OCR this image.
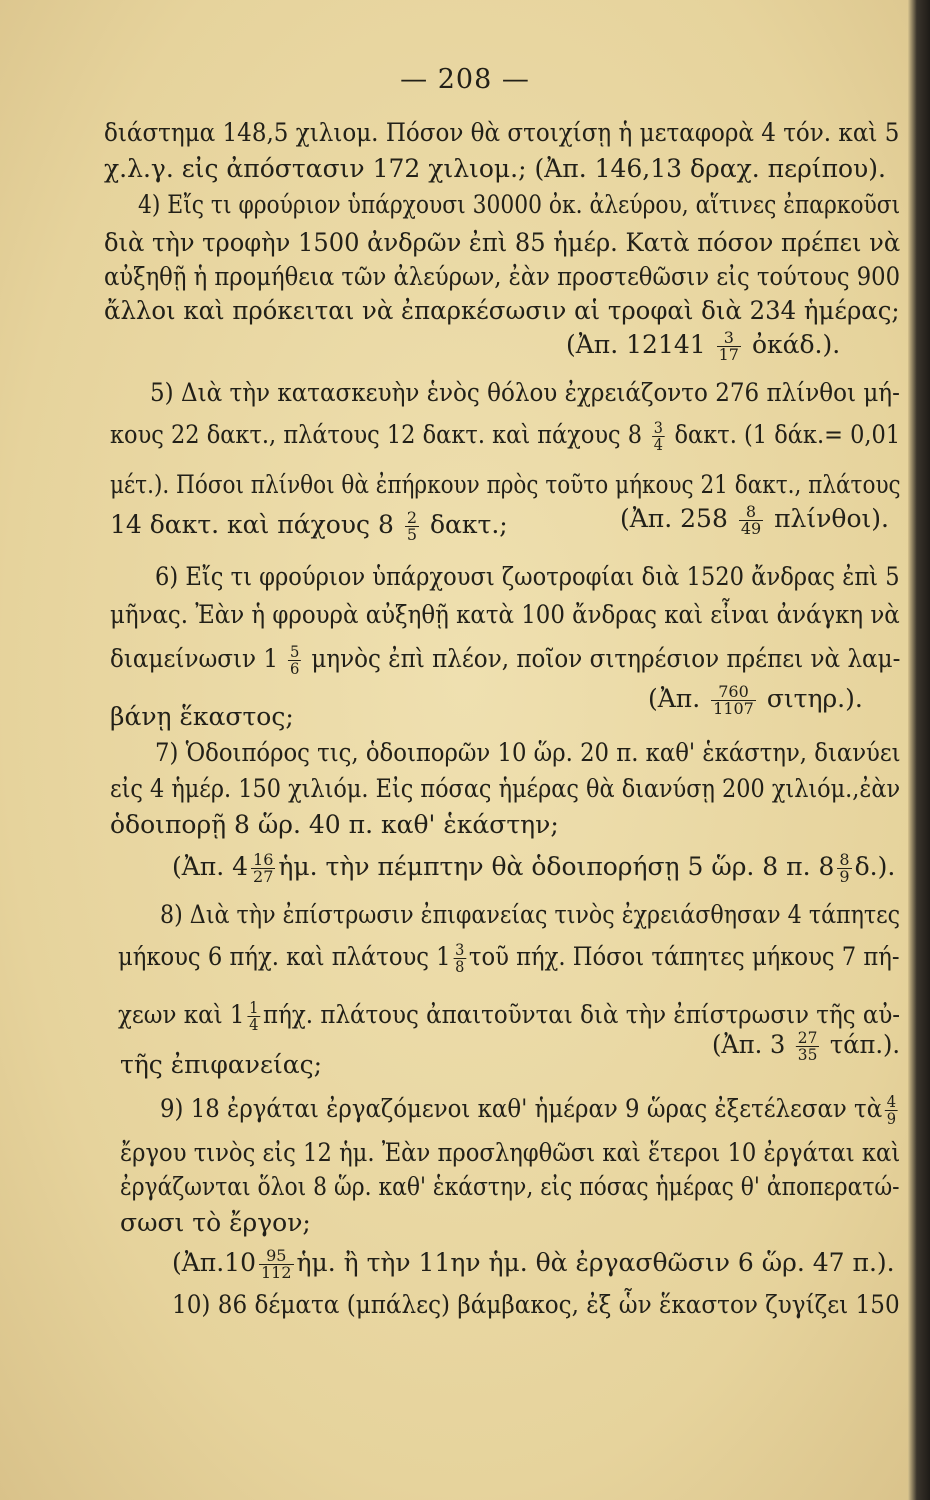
— 208 —
διάστημα 148,5 χιλιομ. Πόσον θὰ στοιχίσῃ ἡ μεταφορὰ 4 τόν. καὶ 5
χ.λ.γ. εἰς ἀπόστασιν 172 χιλιομ.; (Ἀπ. 146,13 δραχ. περίπου).
4) Εἴς τι φρούριον ὑπάρχουσι 30000 ὀκ. ἀλεύρου, αἵτινες ἐπαρκοῦσι
διὰ τὴν τροφὴν 1500 ἀνδρῶν ἐπὶ 85 ἡμέρ. Κατὰ πόσον πρέπει νὰ
αὐξηθῇ ἡ προμήθεια τῶν ἀλεύρων, ἐὰν προστεθῶσιν εἰς τούτους 900
ἄλλοι καὶ πρόκειται νὰ ἐπαρκέσωσιν αἱ τροφαὶ διὰ 234 ἡμέρας;
(Ἀπ. $12141 \frac{3}{17}$ ὀκάδ.).
5) Διὰ τὴν κατασκευὴν ἑνὸς θόλου ἐχρειάζοντο 276 πλίνθοι μή-
κους 22 δακτ., πλάτους 12 δακτ. καὶ πάχους $8 \frac{3}{4} \delta\alpha\kappa\tau$. (1 δάκ.= 0,01
μέτ.). Πόσοι πλίνθοι θὰ ἐπήρκουν πρὸς τοῦτο μήκους 21 δακτ., πλάτους
14 δακτ. καὶ πάχους $8 \frac{2}{5} \delta\alpha\kappa\tau$.;	(Ἀπ. $258 \frac{8}{49} \pi\lambda ί\nu\theta o\iota$).
6) Εἴς τι φρούριον ὑπάρχουσι ζωοτροφίαι διὰ 1520 ἄνδρας ἐπὶ 5
μῆνας. Ἐὰν ἡ φρουρὰ αὐξηθῇ κατὰ 100 ἄνδρας καὶ εἶναι ἀνάγκη νὰ
διαμείνωσιν $1 \frac{5}{6}$ μηνὸς ἐπὶ πλέον, ποῖον σιτηρέσιον πρέπει νὰ λαμ-
βάνῃ ἕκαστος;
(Ἀπ. $\frac{760}{1107} \sigma\iota\tau\eta\rho$.).
7) Ὁδοιπόρος τις, ὁδοιπορῶν 10 ὥρ. 20 π. καθ' ἑκάστην, διανύει
εἰς 4 ἡμέρ. 150 χιλιόμ. Εἰς πόσας ἡμέρας θὰ διανύσῃ 200 χιλιόμ.,ἐὰν
ὁδοιπορῇ 8 ὥρ. 40 π. καθ' ἑκάστην;
(Ἀπ. $4 \frac{16}{27}$ ἡμ. τὴν πέμπτην θὰ ὁδοιπορήσῃ 5 ὥρ. 8 π. $8 \frac{8}{9} \delta$.).
8) Διὰ τὴν ἐπίστρωσιν ἐπιφανείας τινὸς ἐχρειάσθησαν 4 τάπητες
μήκους 6 πήχ. καὶ πλάτους $1 \frac{3}{8}$ τοῦ πήχ. Πόσοι τάπητες μήκους 7 πή-
χεων καὶ $1 \frac{1}{4} \pi ή\chi$. πλάτους ἀπαιτοῦνται διὰ τὴν ἐπίστρωσιν τῆς αὐ-
τῆς ἐπιφανείας;
(Ἀπ. $3 \frac{27}{35} \tau ά\pi$.).
9) 18 ἐργάται ἐργαζόμενοι καθ' ἡμέραν 9 ὥρας ἐξετέλεσαν τὰ $\frac{4}{9}$
ἔργου τινὸς εἰς 12 ἡμ. Ἐὰν προσληφθῶσι καὶ ἕτεροι 10 ἐργάται καὶ
ἐργάζωνται ὅλοι 8 ὥρ. καθ' ἑκάστην, εἰς πόσας ἡμέρας θ' ἀποπερατώ-
σωσι τὸ ἔργον;
(Ἀπ.10 $\frac{95}{112}$ ἡμ. ἢ τὴν 11ην ἡμ. θὰ ἐργασθῶσιν 6 ὥρ. 47 π.).
10) 86 δέματα (μπάλες) βάμβακος, ἐξ ὧν ἕκαστον ζυγίζει 150
